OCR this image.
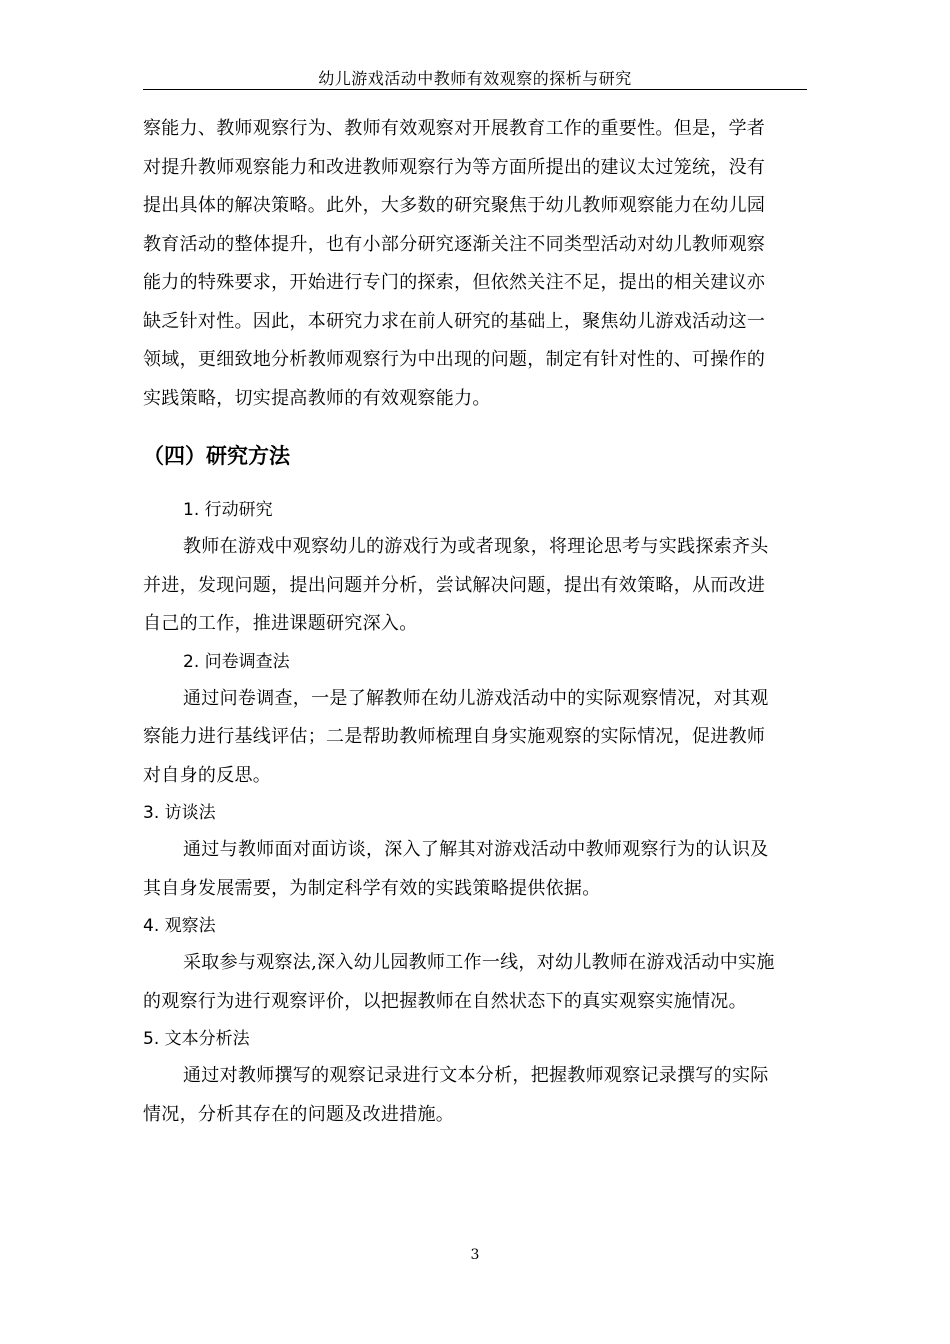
幼儿游戏活动中教师有效观察的探析与研究

察能力、教师观察行为、教师有效观察对开展教育工作的重要性。但是，学者

对提升教师观察能力和改进教师观察行为等方面所提出的建议太过笼统，没有

提出具体的解决策略。此外，大多数的研究聚焦于幼儿教师观察能力在幼儿园

教育活动的整体提升，也有小部分研究逐渐关注不同类型活动对幼儿教师观察

能力的特殊要求，开始进行专门的探索，但依然关注不足，提出的相关建议亦

缺乏针对性。因此，本研究力求在前人研究的基础上，聚焦幼儿游戏活动这一

领域，更细致地分析教师观察行为中出现的问题，制定有针对性的、可操作的

实践策略，切实提高教师的有效观察能力。

（四）研究方法

1. 行动研究

教师在游戏中观察幼儿的游戏行为或者现象，将理论思考与实践探索齐头

并进，发现问题，提出问题并分析，尝试解决问题，提出有效策略，从而改进

自己的工作，推进课题研究深入。

2. 问卷调查法

通过问卷调查，一是了解教师在幼儿游戏活动中的实际观察情况，对其观

察能力进行基线评估；二是帮助教师梳理自身实施观察的实际情况，促进教师

对自身的反思。

3. 访谈法

通过与教师面对面访谈，深入了解其对游戏活动中教师观察行为的认识及

其自身发展需要，为制定科学有效的实践策略提供依据。

4. 观察法

采取参与观察法,深入幼儿园教师工作一线，对幼儿教师在游戏活动中实施

的观察行为进行观察评价，以把握教师在自然状态下的真实观察实施情况。

5. 文本分析法

通过对教师撰写的观察记录进行文本分析，把握教师观察记录撰写的实际

情况，分析其存在的问题及改进措施。

3
